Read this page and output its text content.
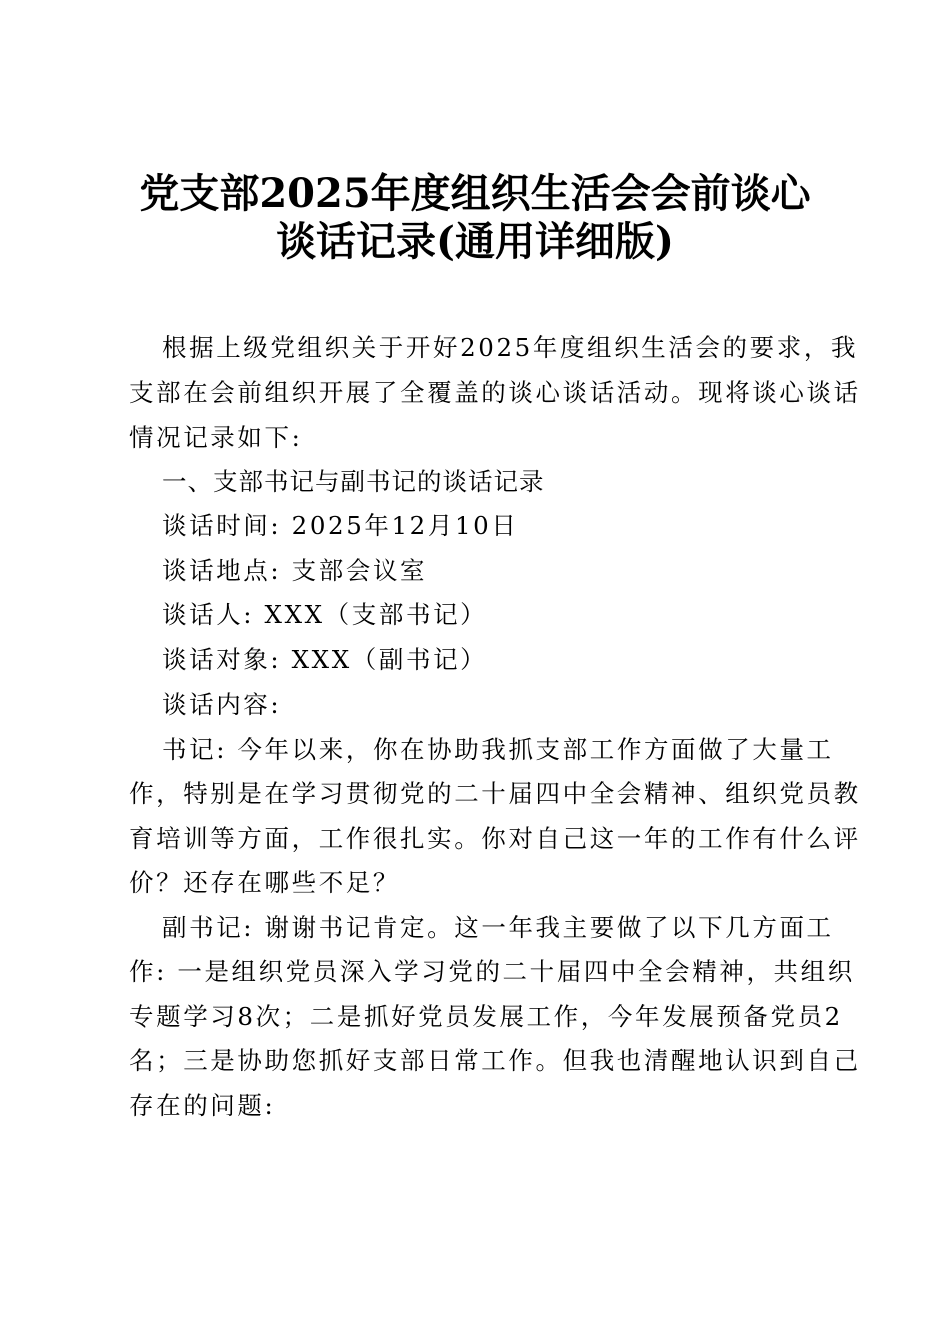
党支部2025年度组织生活会会前谈心
谈话记录(通用详细版)
根据上级党组织关于开好2025年度组织生活会的要求，我
支部在会前组织开展了全覆盖的谈心谈话活动。现将谈心谈话
情况记录如下:
一、支部书记与副书记的谈话记录
谈话时间: 2025年12月10日
谈话地点: 支部会议室
谈话人: XXX（支部书记）
谈话对象: XXX（副书记）
谈话内容:
书记: 今年以来，你在协助我抓支部工作方面做了大量工
作，特别是在学习贯彻党的二十届四中全会精神、组织党员教
育培训等方面，工作很扎实。你对自己这一年的工作有什么评
价？还存在哪些不足？
副书记: 谢谢书记肯定。这一年我主要做了以下几方面工
作: 一是组织党员深入学习党的二十届四中全会精神，共组织
专题学习8次；二是抓好党员发展工作，今年发展预备党员2
名；三是协助您抓好支部日常工作。但我也清醒地认识到自己
存在的问题:
